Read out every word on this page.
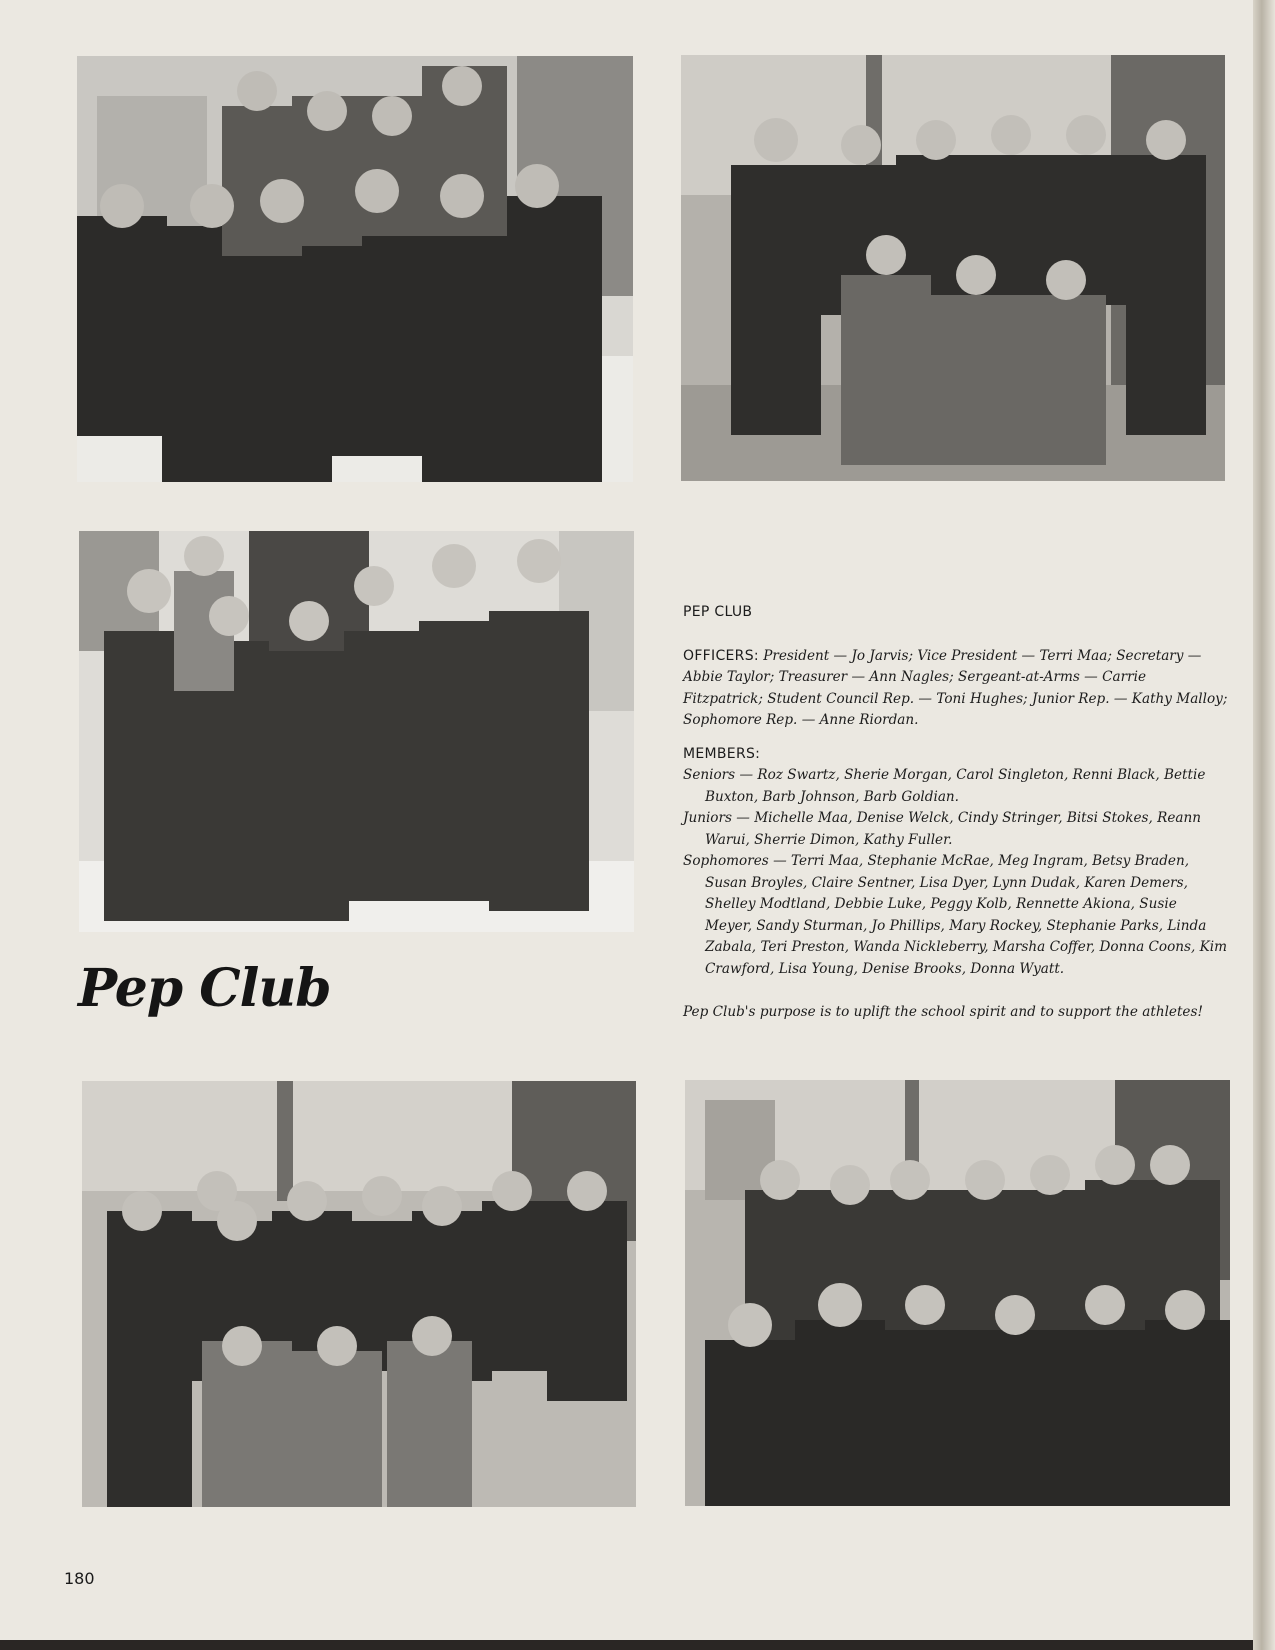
Pep Club

PEP CLUB

OFFICERS: President — Jo Jarvis; Vice President — Terri Maa; Secretary — Abbie Taylor; Treasurer — Ann Nagles; Sergeant-at-Arms — Carrie Fitzpatrick; Student Council Rep. — Toni Hughes; Junior Rep. — Kathy Malloy; Sophomore Rep. — Anne Riordan.

MEMBERS:

Seniors — Roz Swartz, Sherie Morgan, Carol Singleton, Renni Black, Bettie Buxton, Barb Johnson, Barb Goldian.

Juniors — Michelle Maa, Denise Welck, Cindy Stringer, Bitsi Stokes, Reann Warui, Sherrie Dimon, Kathy Fuller.

Sophomores — Terri Maa, Stephanie McRae, Meg Ingram, Betsy Braden, Susan Broyles, Claire Sentner, Lisa Dyer, Lynn Dudak, Karen Demers, Shelley Modtland, Debbie Luke, Peggy Kolb, Rennette Akiona, Susie Meyer, Sandy Sturman, Jo Phillips, Mary Rockey, Stephanie Parks, Linda Zabala, Teri Preston, Wanda Nickleberry, Marsha Coffer, Donna Coons, Kim Crawford, Lisa Young, Denise Brooks, Donna Wyatt.

Pep Club's purpose is to uplift the school spirit and to support the athletes!

180
